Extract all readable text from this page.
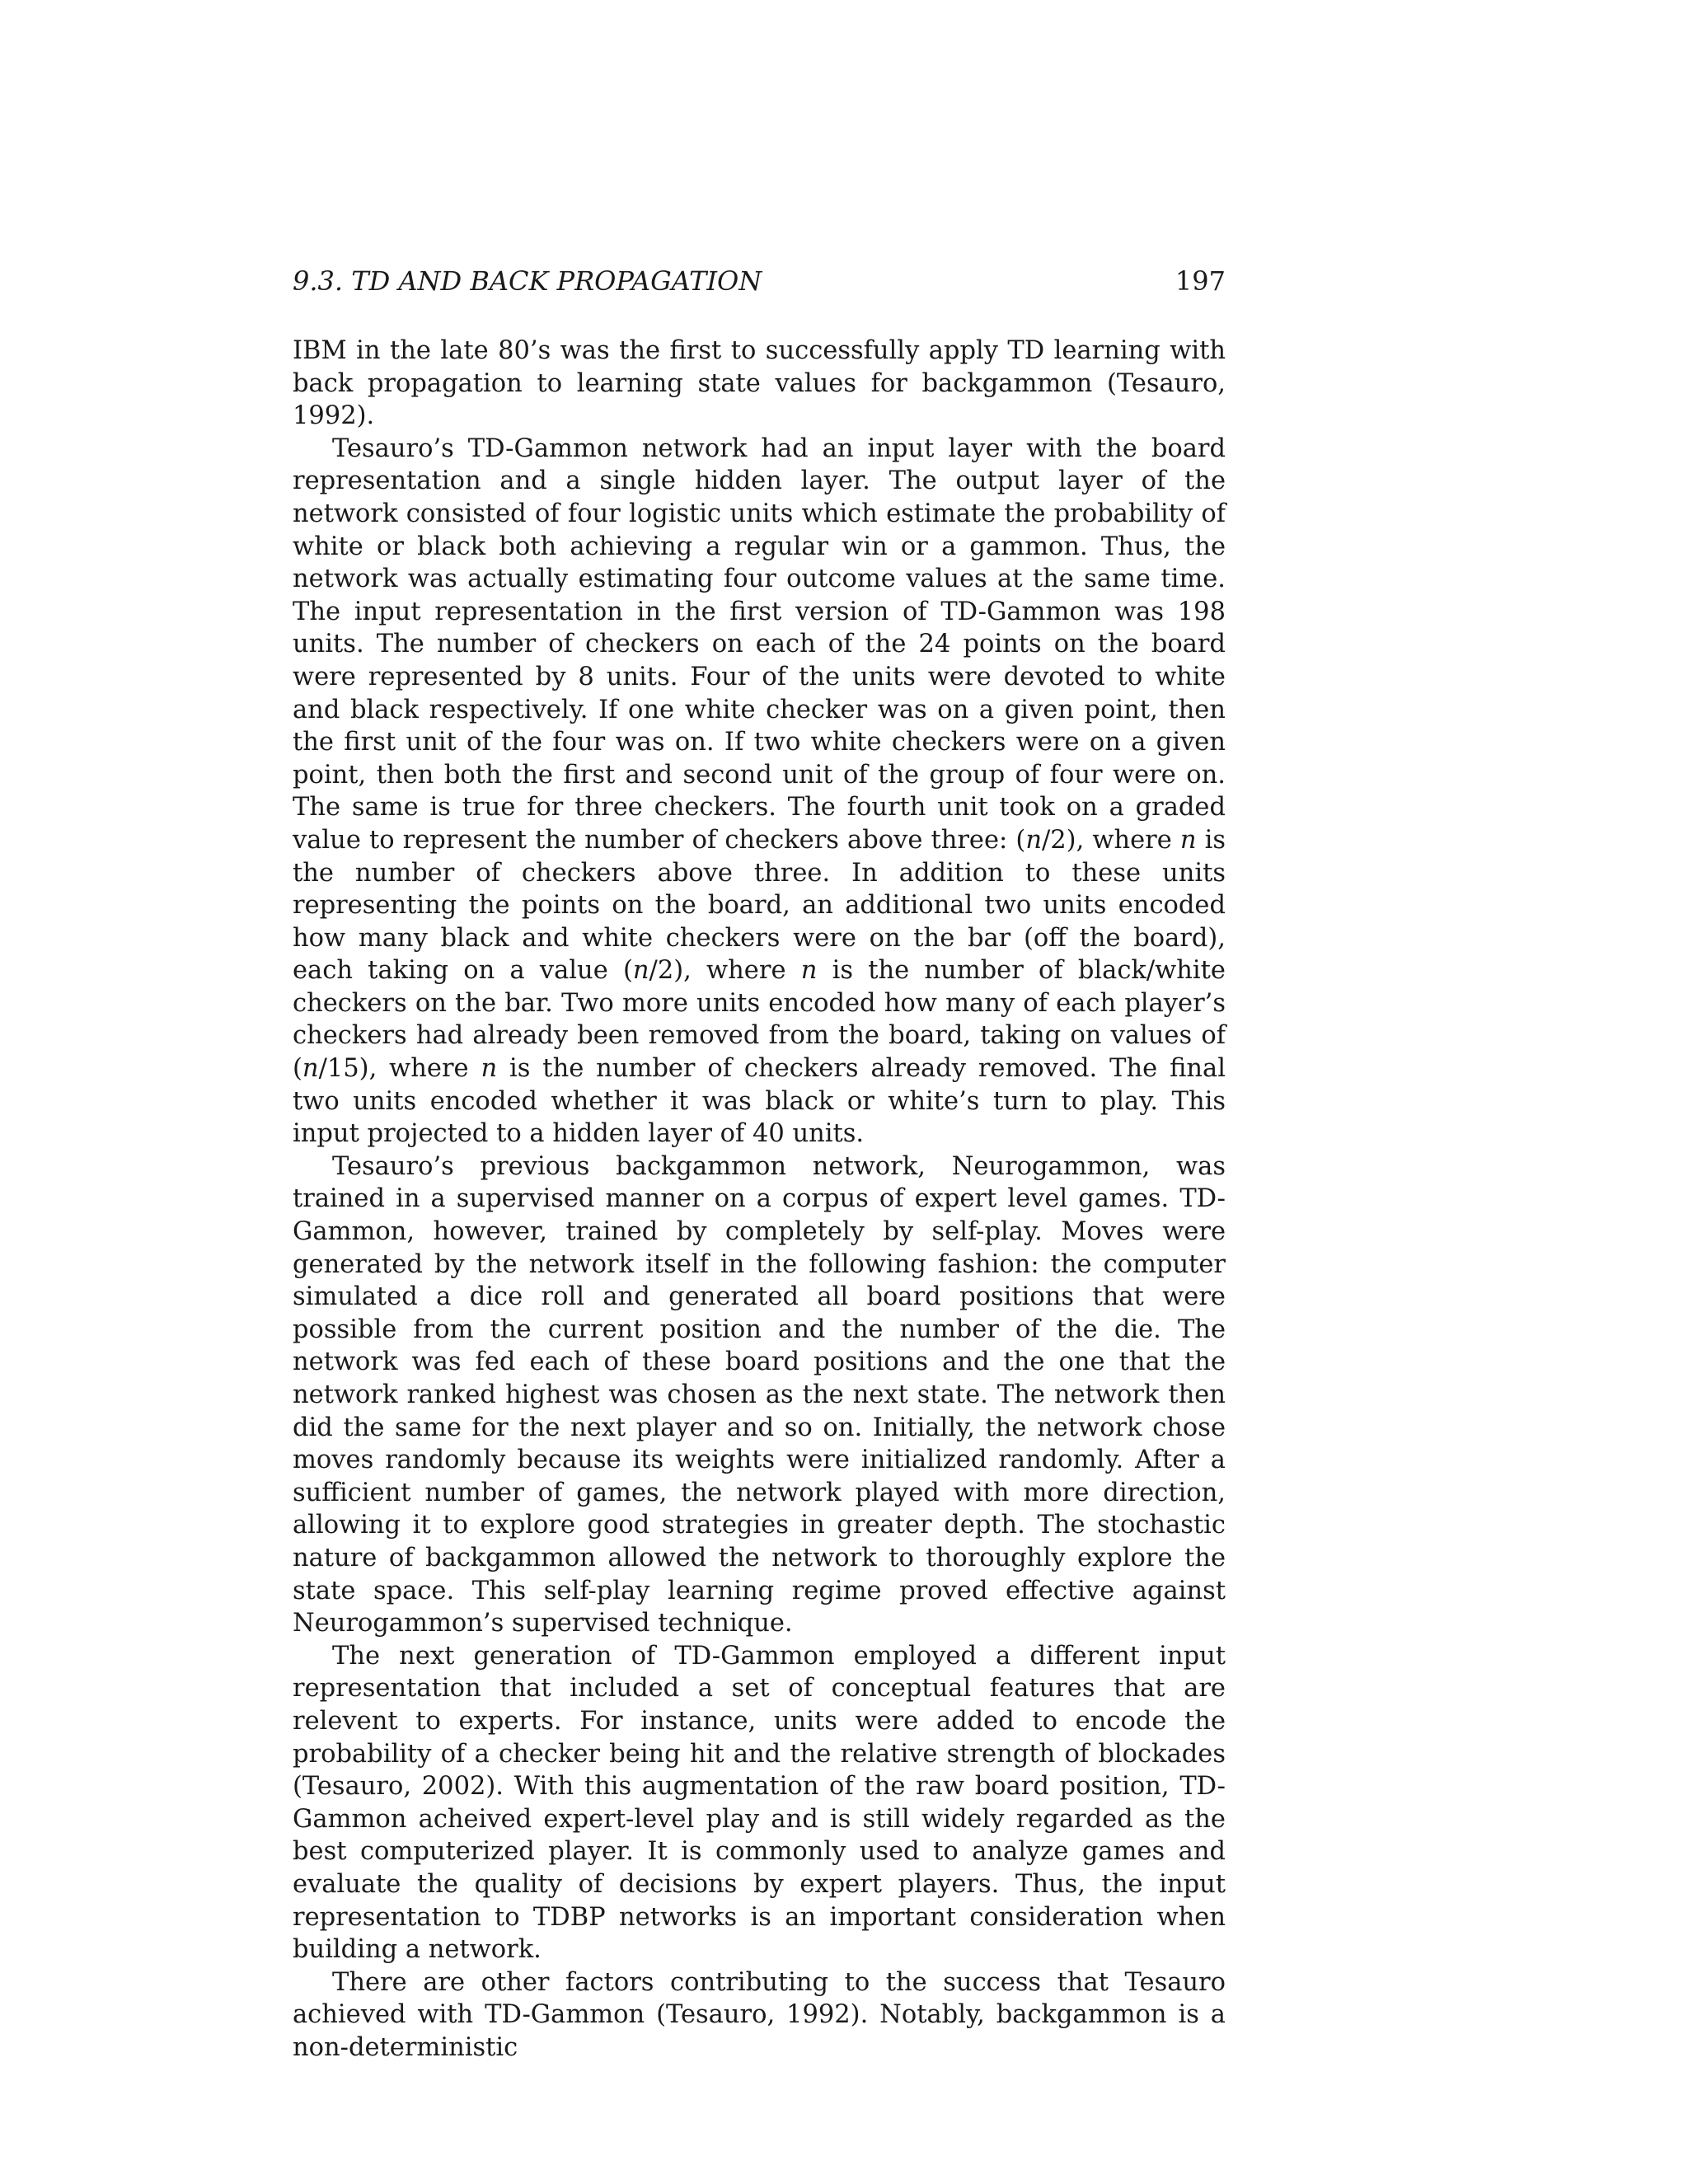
9.3. TD AND BACK PROPAGATION	197

IBM in the late 80’s was the first to successfully apply TD learning with back propagation to learning state values for backgammon (Tesauro, 1992).

Tesauro’s TD-Gammon network had an input layer with the board representation and a single hidden layer. The output layer of the network consisted of four logistic units which estimate the probability of white or black both achieving a regular win or a gammon. Thus, the network was actually estimating four outcome values at the same time. The input representation in the first version of TD-Gammon was 198 units. The number of checkers on each of the 24 points on the board were represented by 8 units. Four of the units were devoted to white and black respectively. If one white checker was on a given point, then the first unit of the four was on. If two white checkers were on a given point, then both the first and second unit of the group of four were on. The same is true for three checkers. The fourth unit took on a graded value to represent the number of checkers above three: (n/2), where n is the number of checkers above three. In addition to these units representing the points on the board, an additional two units encoded how many black and white checkers were on the bar (off the board), each taking on a value (n/2), where n is the number of black/white checkers on the bar. Two more units encoded how many of each player’s checkers had already been removed from the board, taking on values of (n/15), where n is the number of checkers already removed. The final two units encoded whether it was black or white’s turn to play. This input projected to a hidden layer of 40 units.

Tesauro’s previous backgammon network, Neurogammon, was trained in a supervised manner on a corpus of expert level games. TD-Gammon, however, trained by completely by self-play. Moves were generated by the network itself in the following fashion: the computer simulated a dice roll and generated all board positions that were possible from the current position and the number of the die. The network was fed each of these board positions and the one that the network ranked highest was chosen as the next state. The network then did the same for the next player and so on. Initially, the network chose moves randomly because its weights were initialized randomly. After a sufficient number of games, the network played with more direction, allowing it to explore good strategies in greater depth. The stochastic nature of backgammon allowed the network to thoroughly explore the state space. This self-play learning regime proved effective against Neurogammon’s supervised technique.

The next generation of TD-Gammon employed a different input representation that included a set of conceptual features that are relevent to experts. For instance, units were added to encode the probability of a checker being hit and the relative strength of blockades (Tesauro, 2002). With this augmentation of the raw board position, TD-Gammon acheived expert-level play and is still widely regarded as the best computerized player. It is commonly used to analyze games and evaluate the quality of decisions by expert players. Thus, the input representation to TDBP networks is an important consideration when building a network.

There are other factors contributing to the success that Tesauro achieved with TD-Gammon (Tesauro, 1992). Notably, backgammon is a non-deterministic
